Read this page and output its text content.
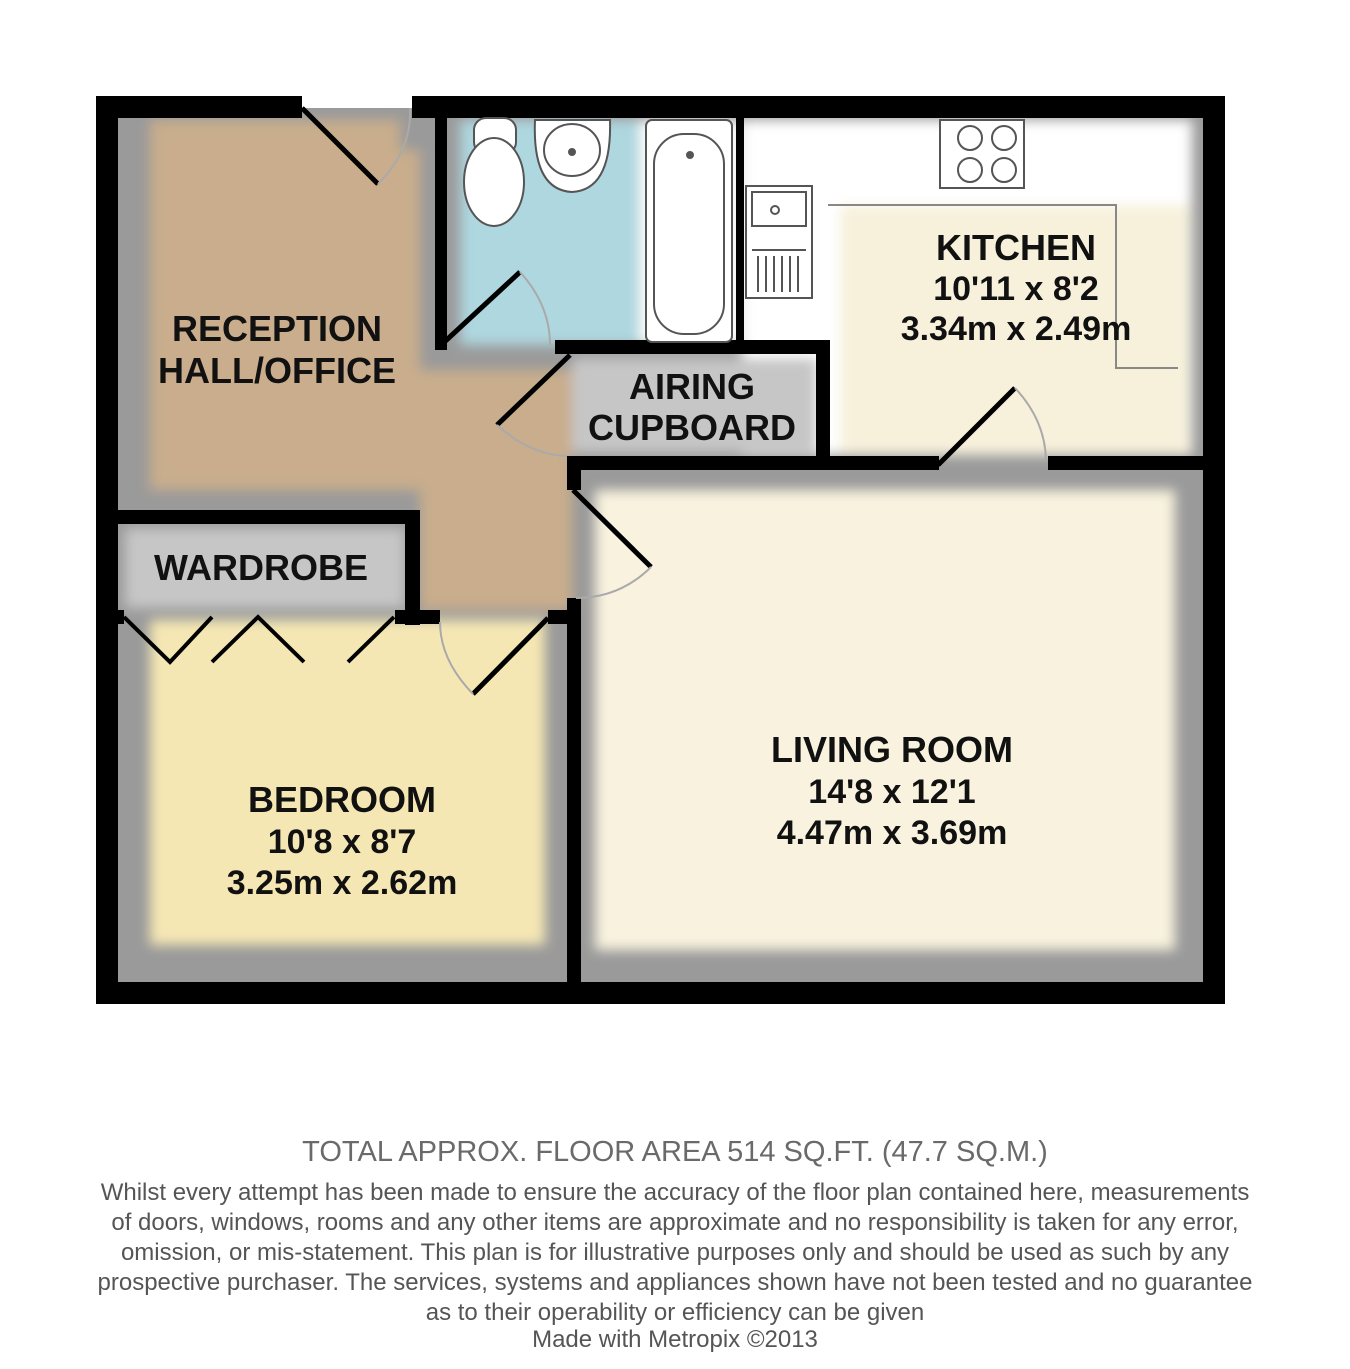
RECEPTION
HALL/OFFICE
KITCHEN
10'11 x 8'2
3.34m x 2.49m
AIRING
CUPBOARD
WARDROBE
BEDROOM
10'8 x 8'7
3.25m x 2.62m
LIVING ROOM
14'8 x 12'1
4.47m x 3.69m
TOTAL APPROX. FLOOR AREA 514 SQ.FT. (47.7 SQ.M.)
Whilst every attempt has been made to ensure the accuracy of the floor plan contained here, measurements
of doors, windows, rooms and any other items are approximate and no responsibility is taken for any error,
omission, or mis-statement. This plan is for illustrative purposes only and should be used as such by any
prospective purchaser. The services, systems and appliances shown have not been tested and no guarantee
as to their operability or efficiency can be given
Made with Metropix ©2013
